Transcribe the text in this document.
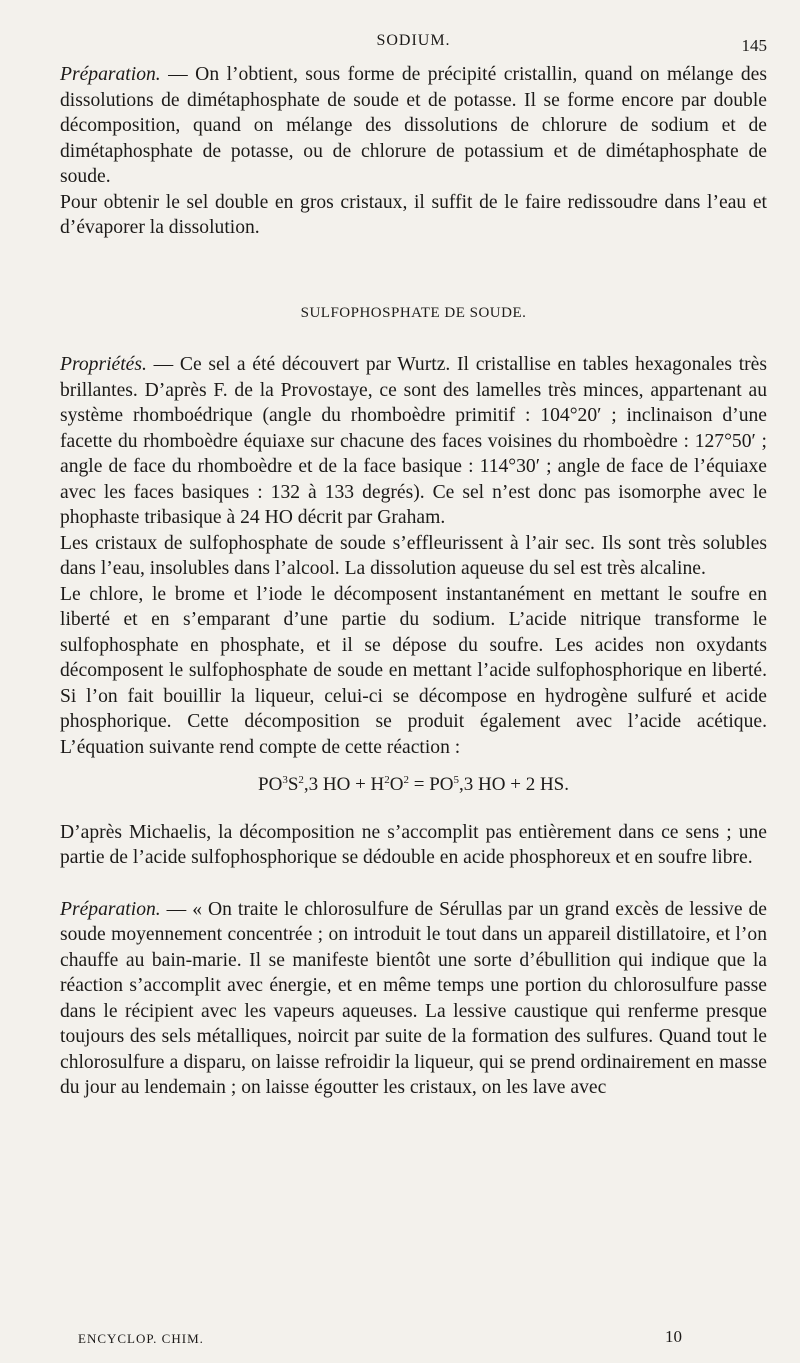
SODIUM.	145

Préparation. — On l’obtient, sous forme de précipité cristallin, quand on mélange des dissolutions de dimétaphosphate de soude et de potasse. Il se forme encore par double décomposition, quand on mélange des dissolutions de chlorure de sodium et de dimétaphosphate de potasse, ou de chlorure de potassium et de dimétaphosphate de soude.

Pour obtenir le sel double en gros cristaux, il suffit de le faire redissoudre dans l’eau et d’évaporer la dissolution.

SULFOPHOSPHATE DE SOUDE.

Propriétés. — Ce sel a été découvert par Wurtz. Il cristallise en tables hexagonales très brillantes. D’après F. de la Provostaye, ce sont des lamelles très minces, appartenant au système rhomboédrique (angle du rhomboèdre primitif : 104°20′ ; inclinaison d’une facette du rhomboèdre équiaxe sur chacune des faces voisines du rhomboèdre : 127°50′ ; angle de face du rhomboèdre et de la face basique : 114°30′ ; angle de face de l’équiaxe avec les faces basiques : 132 à 133 degrés). Ce sel n’est donc pas isomorphe avec le phophaste tribasique à 24 HO décrit par Graham.

Les cristaux de sulfophosphate de soude s’effleurissent à l’air sec. Ils sont très solubles dans l’eau, insolubles dans l’alcool. La dissolution aqueuse du sel est très alcaline.

Le chlore, le brome et l’iode le décomposent instantanément en mettant le soufre en liberté et en s’emparant d’une partie du sodium. L’acide nitrique transforme le sulfophosphate en phosphate, et il se dépose du soufre. Les acides non oxydants décomposent le sulfophosphate de soude en mettant l’acide sulfophosphorique en liberté. Si l’on fait bouillir la liqueur, celui-ci se décompose en hydrogène sulfuré et acide phosphorique. Cette décomposition se produit également avec l’acide acétique. L’équation suivante rend compte de cette réaction :

$PO^3S^2,3$ HO + $H^2O^2 = PO^5,3$ HO + 2 HS.

D’après Michaelis, la décomposition ne s’accomplit pas entièrement dans ce sens ; une partie de l’acide sulfophosphorique se dédouble en acide phosphoreux et en soufre libre.

Préparation. — « On traite le chlorosulfure de Sérullas par un grand excès de lessive de soude moyennement concentrée ; on introduit le tout dans un appareil distillatoire, et l’on chauffe au bain-marie. Il se manifeste bientôt une sorte d’ébullition qui indique que la réaction s’accomplit avec énergie, et en même temps une portion du chlorosulfure passe dans le récipient avec les vapeurs aqueuses. La lessive caustique qui renferme presque toujours des sels métalliques, noircit par suite de la formation des sulfures. Quand tout le chlorosulfure a disparu, on laisse refroidir la liqueur, qui se prend ordinairement en masse du jour au lendemain ; on laisse égoutter les cristaux, on les lave avec

ENCYCLOP. CHIM.	10
